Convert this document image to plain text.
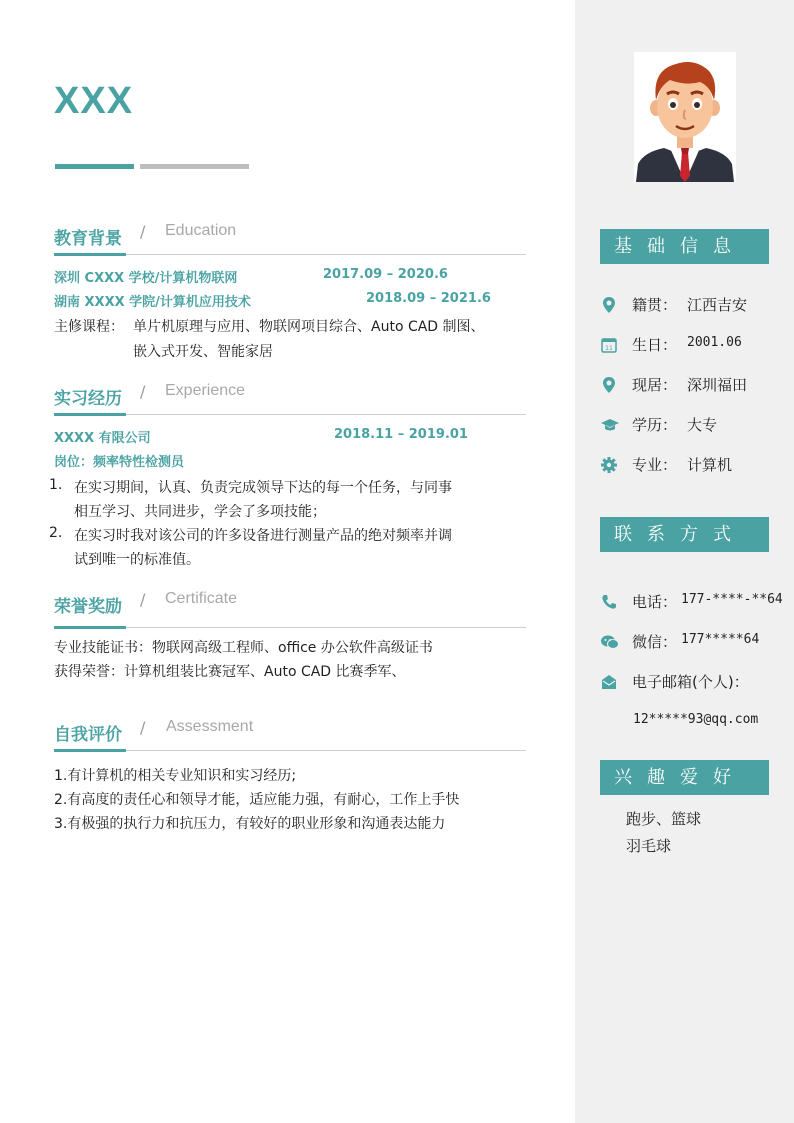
XXX
教育背景 / Education
深圳 CXXX 学校/计算机物联网	2017.09 – 2020.6
湖南 XXXX 学院/计算机应用技术	2018.09 – 2021.6
主修课程： 单片机原理与应用、物联网项目综合、Auto CAD 制图、
嵌入式开发、智能家居
实习经历 / Experience
XXXX 有限公司	2018.11 – 2019.01
岗位：频率特性检测员
1. 在实习期间，认真、负责完成领导下达的每一个任务，与同事
相互学习、共同进步，学会了多项技能；
2. 在实习时我对该公司的许多设备进行测量产品的绝对频率并调
试到唯一的标准值。
荣誉奖励 / Certificate
专业技能证书：物联网高级工程师、office 办公软件高级证书
获得荣誉：计算机组装比赛冠军、Auto CAD 比赛季军、
自我评价 / Assessment
1.有计算机的相关专业知识和实习经历;
2.有高度的责任心和领导才能，适应能力强，有耐心，工作上手快
3.有极强的执行力和抗压力，有较好的职业形象和沟通表达能力
基础信息
籍贯： 江西吉安
11 生日： 2001.06
现居： 深圳福田
学历： 大专
专业： 计算机
联系方式
电话： 177-****-**64
微信： 177*****64
电子邮箱(个人)：
12*****93@qq.com
兴趣爱好
跑步、篮球
羽毛球
